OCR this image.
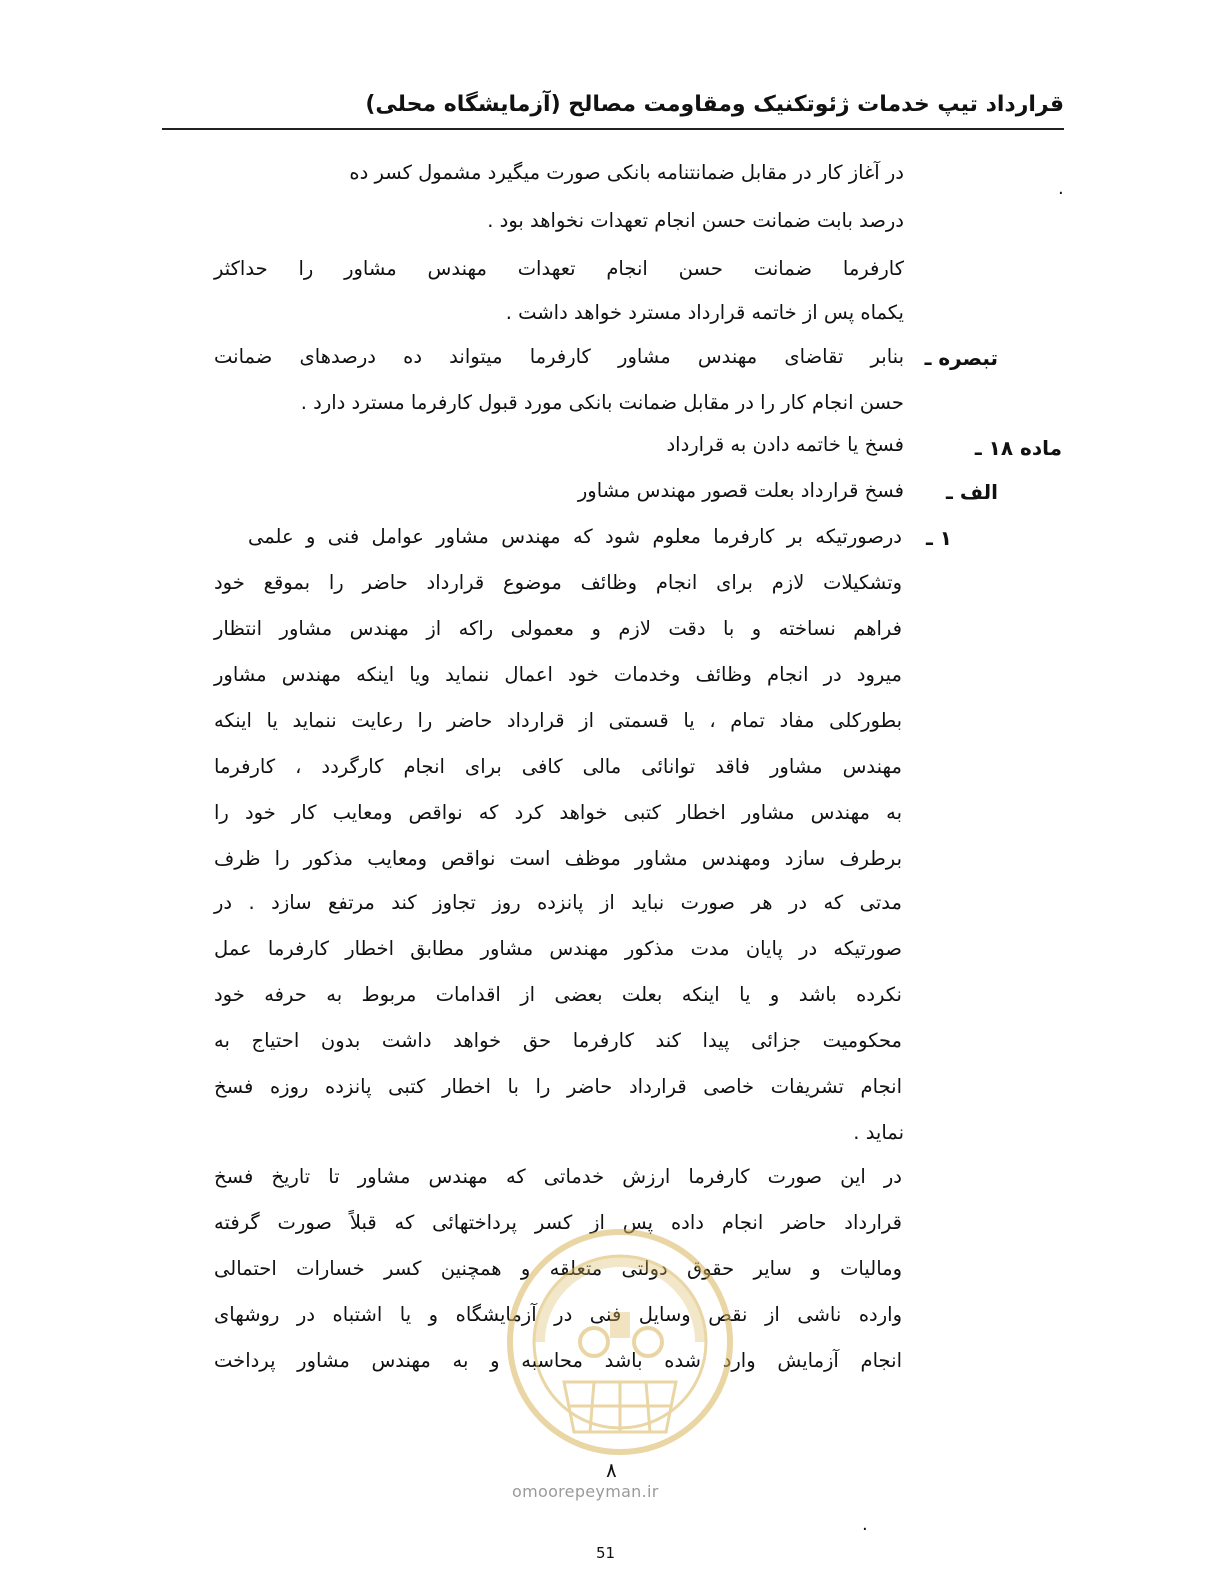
قرارداد تیپ خدمات ژئوتکنیک ومقاومت مصالح (آزمایشگاه محلی)
.
در آغاز کار در مقابل ضمانتنامه بانکی صورت میگیرد مشمول کسر ده
درصد بابت ضمانت حسن انجام تعهدات نخواهد بود .
کارفرما ضمانت حسن انجام تعهدات مهندس مشاور را حداکثر
یکماه پس از خاتمه قرارداد مسترد خواهد داشت .
تبصره ـ
بنابر تقاضای مهندس مشاور کارفرما میتواند ده درصدهای ضمانت
حسن انجام کار را در مقابل ضمانت بانکی مورد قبول کارفرما مسترد دارد .
ماده ۱۸ ـ
فسخ یا خاتمه دادن به قرارداد
الف ـ
فسخ قرارداد بعلت قصور مهندس مشاور
۱ ـ
درصورتیکه بر کارفرما معلوم شود که مهندس مشاور عوامل فنی و علمی
وتشکیلات لازم برای انجام وظائف موضوع قرارداد حاضر را بموقع خود
فراهم نساخته و با دقت لازم و معمولی راکه از مهندس مشاور انتظار
میرود در انجام وظائف وخدمات خود اعمال ننماید ویا اینکه مهندس مشاور
بطورکلی مفاد تمام ، یا قسمتی از قرارداد حاضر را رعایت ننماید یا اینکه
مهندس مشاور فاقد توانائی مالی کافی برای انجام کارگردد ، کارفرما
به مهندس مشاور اخطار کتبی خواهد کرد که نواقص ومعایب کار خود را
برطرف سازد ومهندس مشاور موظف است نواقص ومعایب مذکور را ظرف
مدتی که در هر صورت نباید از پانزده روز تجاوز کند مرتفع سازد . در
صورتیکه در پایان مدت مذکور مهندس مشاور مطابق اخطار کارفرما عمل
نکرده باشد و یا اینکه بعلت بعضی از اقدامات مربوط به حرفه خود
محکومیت جزائی پیدا کند کارفرما حق خواهد داشت بدون احتیاج به
انجام تشریفات خاصی قرارداد حاضر را با اخطار کتبی پانزده روزه فسخ
نماید .
در این صورت کارفرما ارزش خدماتی که مهندس مشاور تا تاریخ فسخ
قرارداد حاضر انجام داده پس از کسر پرداختهائی که قبلاً صورت گرفته
ومالیات و سایر حقوق دولتی متعلقه و همچنین کسر خسارات احتمالی
وارده ناشی از نقص وسایل فنی در آزمایشگاه و یا اشتباه در روشهای
انجام آزمایش وارد شده باشد محاسبه و به مهندس مشاور پرداخت
۸
omoorepeyman.ir
.
51
